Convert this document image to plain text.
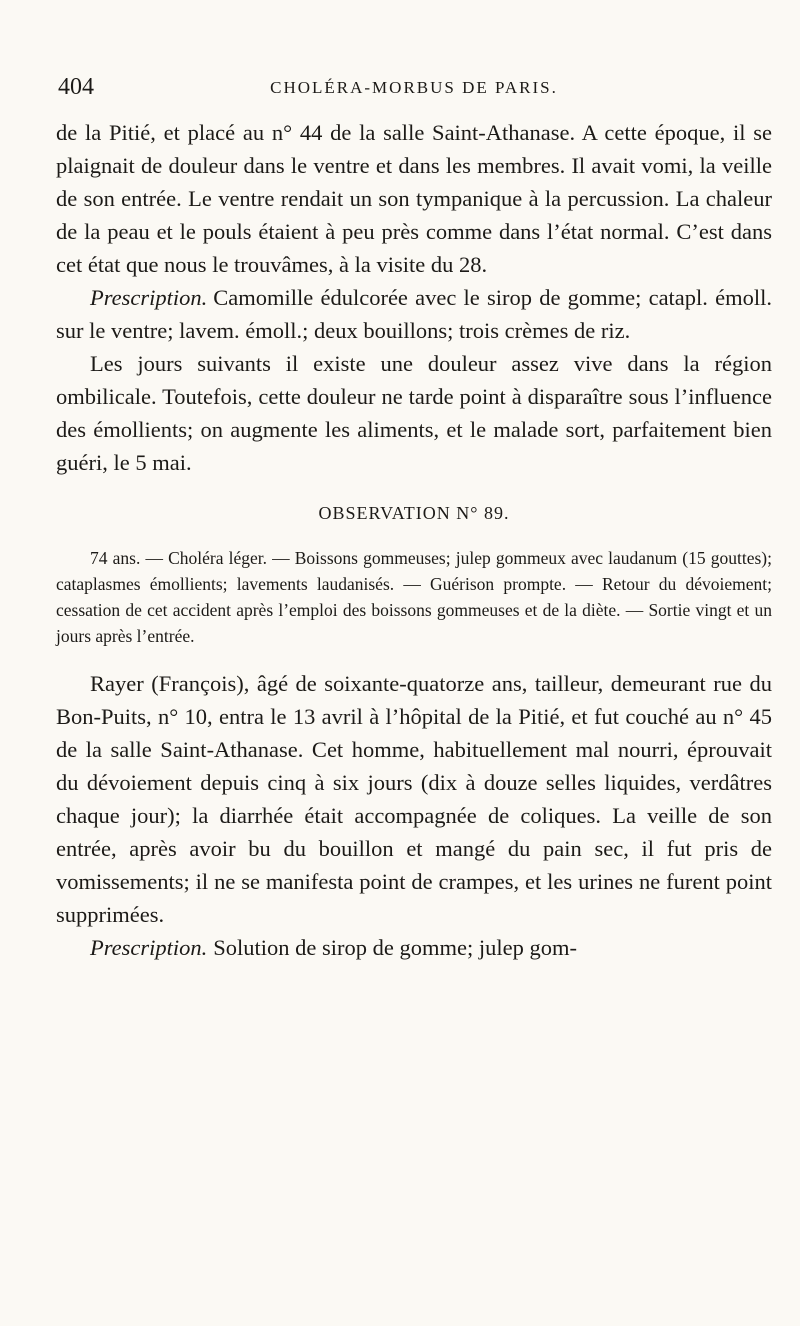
404	CHOLÉRA-MORBUS DE PARIS.

de la Pitié, et placé au n° 44 de la salle Saint-Athanase. A cette époque, il se plaignait de douleur dans le ventre et dans les membres. Il avait vomi, la veille de son entrée. Le ventre rendait un son tympanique à la percussion. La chaleur de la peau et le pouls étaient à peu près comme dans l’état normal. C’est dans cet état que nous le trouvâmes, à la visite du 28.

Prescription. Camomille édulcorée avec le sirop de gomme; catapl. émoll. sur le ventre; lavem. émoll.; deux bouillons; trois crèmes de riz.

Les jours suivants il existe une douleur assez vive dans la région ombilicale. Toutefois, cette douleur ne tarde point à disparaître sous l’influence des émollients; on augmente les aliments, et le malade sort, parfaitement bien guéri, le 5 mai.

OBSERVATION N° 89.

74 ans. — Choléra léger. — Boissons gommeuses; julep gommeux avec laudanum (15 gouttes); cataplasmes émollients; lavements laudanisés. — Guérison prompte. — Retour du dévoiement; cessation de cet accident après l’emploi des boissons gommeuses et de la diète. — Sortie vingt et un jours après l’entrée.

Rayer (François), âgé de soixante-quatorze ans, tailleur, demeurant rue du Bon-Puits, n° 10, entra le 13 avril à l’hôpital de la Pitié, et fut couché au n° 45 de la salle Saint-Athanase. Cet homme, habituellement mal nourri, éprouvait du dévoiement depuis cinq à six jours (dix à douze selles liquides, verdâtres chaque jour); la diarrhée était accompagnée de coliques. La veille de son entrée, après avoir bu du bouillon et mangé du pain sec, il fut pris de vomissements; il ne se manifesta point de crampes, et les urines ne furent point supprimées.

Prescription. Solution de sirop de gomme; julep gom-
